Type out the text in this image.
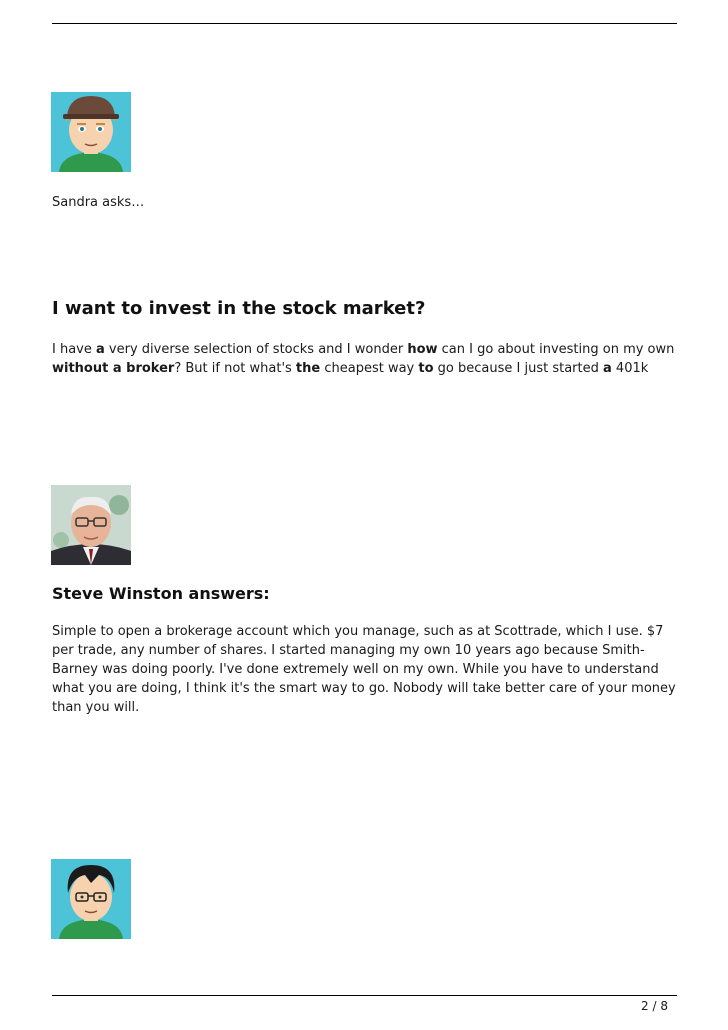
Sandra asks…
I want to invest in the stock market?
I have a very diverse selection of stocks and I wonder how can I go about investing on my own without a broker? But if not what's the cheapest way to go because I just started a 401k
Steve Winston answers:
Simple to open a brokerage account which you manage, such as at Scottrade, which I use. $7 per trade, any number of shares. I started managing my own 10 years ago because Smith-Barney was doing poorly. I've done extremely well on my own. While you have to understand what you are doing, I think it's the smart way to go. Nobody will take better care of your money than you will.
2 / 8
